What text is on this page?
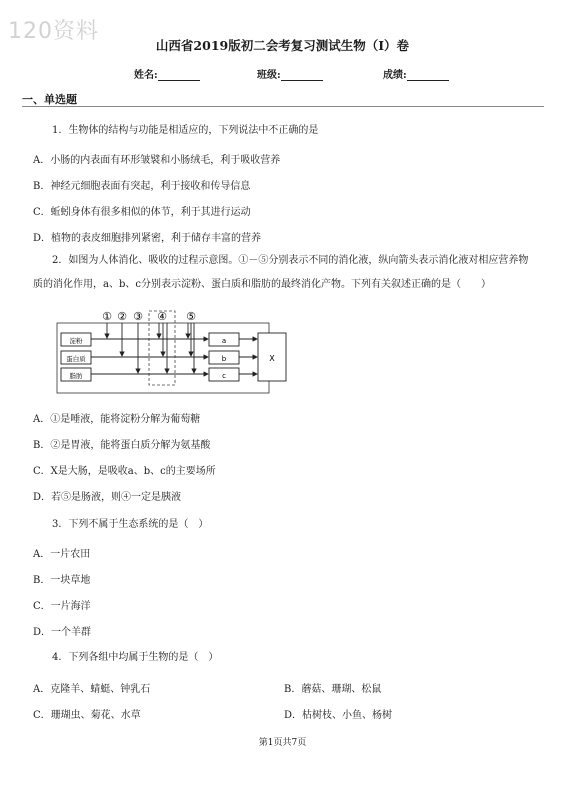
120资料
山西省2019版初二会考复习测试生物（I）卷
姓名:	班级:	成绩:
一、单选题
1．生物体的结构与功能是相适应的，下列说法中不正确的是
A．小肠的内表面有环形皱襞和小肠绒毛，利于吸收营养
B．神经元细胞表面有突起，利于接收和传导信息
C．蚯蚓身体有很多相似的体节，利于其进行运动
D．植物的表皮细胞排列紧密，利于储存丰富的营养
2．如图为人体消化、吸收的过程示意图。①－⑤分别表示不同的消化液，纵向箭头表示消化液对相应营养物
质的消化作用，a、b、c分别表示淀粉、蛋白质和脂肪的最终消化产物。下列有关叙述正确的是（　　）
淀粉
蛋白质
脂肪
① ② ③ ④ ⑤
a
b
c
X
A．①是唾液，能将淀粉分解为葡萄糖
B．②是胃液，能将蛋白质分解为氨基酸
C．X是大肠，是吸收a、b、c的主要场所
D．若⑤是肠液，则④一定是胰液
3．下列不属于生态系统的是（　）
A．一片农田
B．一块草地
C．一片海洋
D．一个羊群
4．下列各组中均属于生物的是（　）
A．克隆羊、蜻蜓、钟乳石	B．蘑菇、珊瑚、松鼠
C．珊瑚虫、菊花、水草	D．枯树枝、小鱼、杨树
第1页共7页
